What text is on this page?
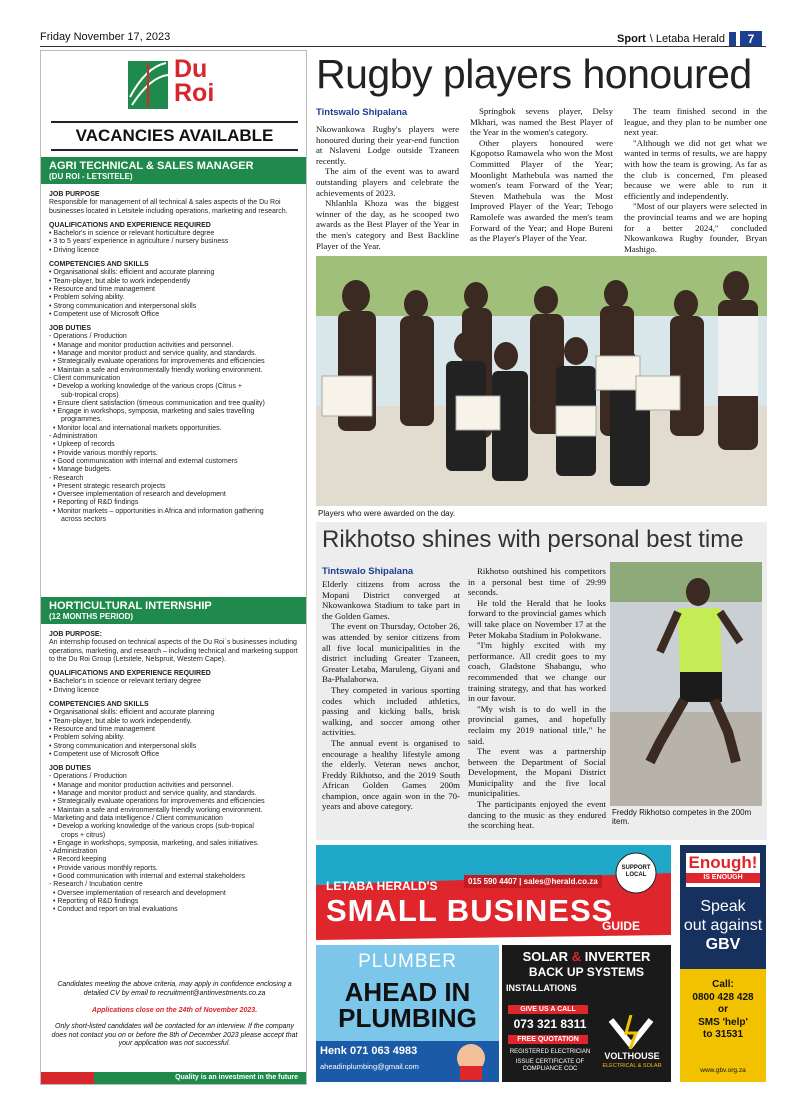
Friday November 17, 2023	Sport \ Letaba Herald	7
Du
Roi
VACANCIES AVAILABLE
AGRI TECHNICAL & SALES MANAGER
(DU ROI - LETSITELE)
JOB PURPOSE

Responsible for management of all technical & sales aspects of the Du Roi businesses located in Letsitele including operations, marketing and research.

QUALIFICATIONS AND EXPERIENCE REQUIRED

• Bachelor's in science or relevant horticulture degree

• 3 to 5 years' experience in agriculture / nursery business

• Driving licence

COMPETENCIES AND SKILLS

• Organisational skills: efficient and accurate planning

• Team-player, but able to work independently

• Resource and time management

• Problem solving ability.

• Strong communication and interpersonal skills

• Competent use of Microsoft Office

JOB DUTIES

- Operations / Production

• Manage and monitor production activities and personnel.

• Manage and monitor product and service quality, and standards.

• Strategically evaluate operations for improvements and efficiencies

• Maintain a safe and environmentally friendly working environment.

- Client communication

• Develop a working knowledge of the various crops (Citrus +

sub-tropical crops)

• Ensure client satisfaction (timeous communication and tree quality)

• Engage in workshops, symposia, marketing and sales travelling

programmes.

• Monitor local and international markets opportunities.

- Administration

• Upkeep of records

• Provide various monthly reports.

• Good communication with internal and external customers

• Manage budgets.

- Research

• Present strategic research projects

• Oversee implementation of research and development

• Reporting of R&D findings

• Monitor markets – opportunities in Africa and information gathering

across sectors

HORTICULTURAL INTERNSHIP
(12 MONTHS PERIOD)
JOB PURPOSE:

An internship focused on technical aspects of the Du Roi`s businesses including operations, marketing, and research – including technical and marketing support to the Du Roi Group (Letsitele, Nelspruit, Western Cape).

QUALIFICATIONS AND EXPERIENCE REQUIRED

• Bachelor's in science or relevant tertiary degree

• Driving licence

COMPETENCIES AND SKILLS

• Organisational skills: efficient and accurate planning

• Team-player, but able to work independently.

• Resource and time management

• Problem solving ability.

• Strong communication and interpersonal skills

• Competent use of Microsoft Office

JOB DUTIES

- Operations / Production

• Manage and monitor production activities and personnel.

• Manage and monitor product and service quality, and standards.

• Strategically evaluate operations for improvements and efficiencies

• Maintain a safe and environmentally friendly working environment.

- Marketing and data intelligence / Client communication

• Develop a working knowledge of the various crops (sub-tropical

crops + citrus)

• Engage in workshops, symposia, marketing, and sales initiatives.

- Administration

• Record keeping

• Provide various monthly reports.

• Good communication with internal and external stakeholders

- Research / Incubation centre

• Oversee implementation of research and development

• Reporting of R&D findings

• Conduct and report on trial evaluations

Candidates meeting the above criteria, may apply in confidence enclosing a detailed CV by email to recruitment@antinvestments.co.za
Applications close on the 24th of November 2023.
Only short-listed candidates will be contacted for an interview. If the company does not contact you on or before the 8th of December 2023 please accept that your application was not successful.
Quality is an investment in the future
Rugby players honoured
Tintswalo Shipalana

Nkowankowa Rugby's players were honoured during their year-end function at Nslaveni Lodge outside Tzaneen recently.

The aim of the event was to award outstanding players and celebrate the achievements of 2023.

Nhlanhla Khoza was the biggest winner of the day, as he scooped two awards as the Best Player of the Year in the men's category and Best Backline Player of the Year.

Springbok sevens player, Delsy Mkhari, was named the Best Player of the Year in the women's category.

Other players honoured were Kgopotso Ramawela who won the Most Committed Player of the Year; Moonlight Mathebula was named the women's team Forward of the Year; Steven Mathebula was the Most Improved Player of the Year; Tebogo Ramolefe was awarded the men's team Forward of the Year; and Hope Bureni as the Player's Player of the Year.

The team finished second in the league, and they plan to be number one next year.

"Although we did not get what we wanted in terms of results, we are happy with how the team is growing. As far as the club is concerned, I'm pleased because we were able to run it efficiently and independently.

"Most of our players were selected in the provincial teams and we are hoping for a better 2024," concluded Nkowankowa Rugby founder, Bryan Mashigo.

Players who were awarded on the day.
Rikhotso shines with personal best time
Tintswalo Shipalana

Elderly citizens from across the Mopani District converged at Nkowankowa Stadium to take part in the Golden Games.

The event on Thursday, October 26, was attended by senior citizens from all five local municipalities in the district including Greater Tzaneen, Greater Letaba, Maruleng, Giyani and Ba-Phalaborwa.

They competed in various sporting codes which included athletics, passing and kicking balls, brisk walking, and soccer among other activities.

The annual event is organised to encourage a healthy lifestyle among the elderly. Veteran news anchor, Freddy Rikhotso, and the 2019 South African Golden Games 200m champion, once again won in the 70-years and above category.

Rikhotso outshined his competitors in a personal best time of 29:99 seconds.

He told the Herald that he looks forward to the provincial games which will take place on November 17 at the Peter Mokaba Stadium in Polokwane.

"I'm highly excited with my performance. All credit goes to my coach, Gladstone Shabangu, who recommended that we change our training strategy, and that has worked in our favour.

"My wish is to do well in the provincial games, and hopefully reclaim my 2019 national title," he said.

The event was a partnership between the Department of Social Development, the Mopani District Municipality and the five local municipalities.

The participants enjoyed the event dancing to the music as they endured the scorching heat.

Freddy Rikhotso competes in the 200m item.
LETABA HERALD'S	015 590 4407 | sales@herald.co.za
SMALL BUSINESS
GUIDE
SUPPORT LOCAL
PLUMBER
AHEAD IN
PLUMBING
Henk 071 063 4983
aheadinplumbing@gmail.com
SOLAR & INVERTER
BACK UP SYSTEMS
INSTALLATIONS
GIVE US A CALL
073 321 8311
FREE QUOTATION
REGISTERED ELECTRICIAN
ISSUE CERTIFICATE OF COMPLIANCE COC
VOLTHOUSE
ELECTRICAL & SOLAR
Enough!
IS ENOUGH
Speak
out against
GBV
Call:
0800 428 428
or
SMS 'help'
to 31531
www.gbv.org.za
